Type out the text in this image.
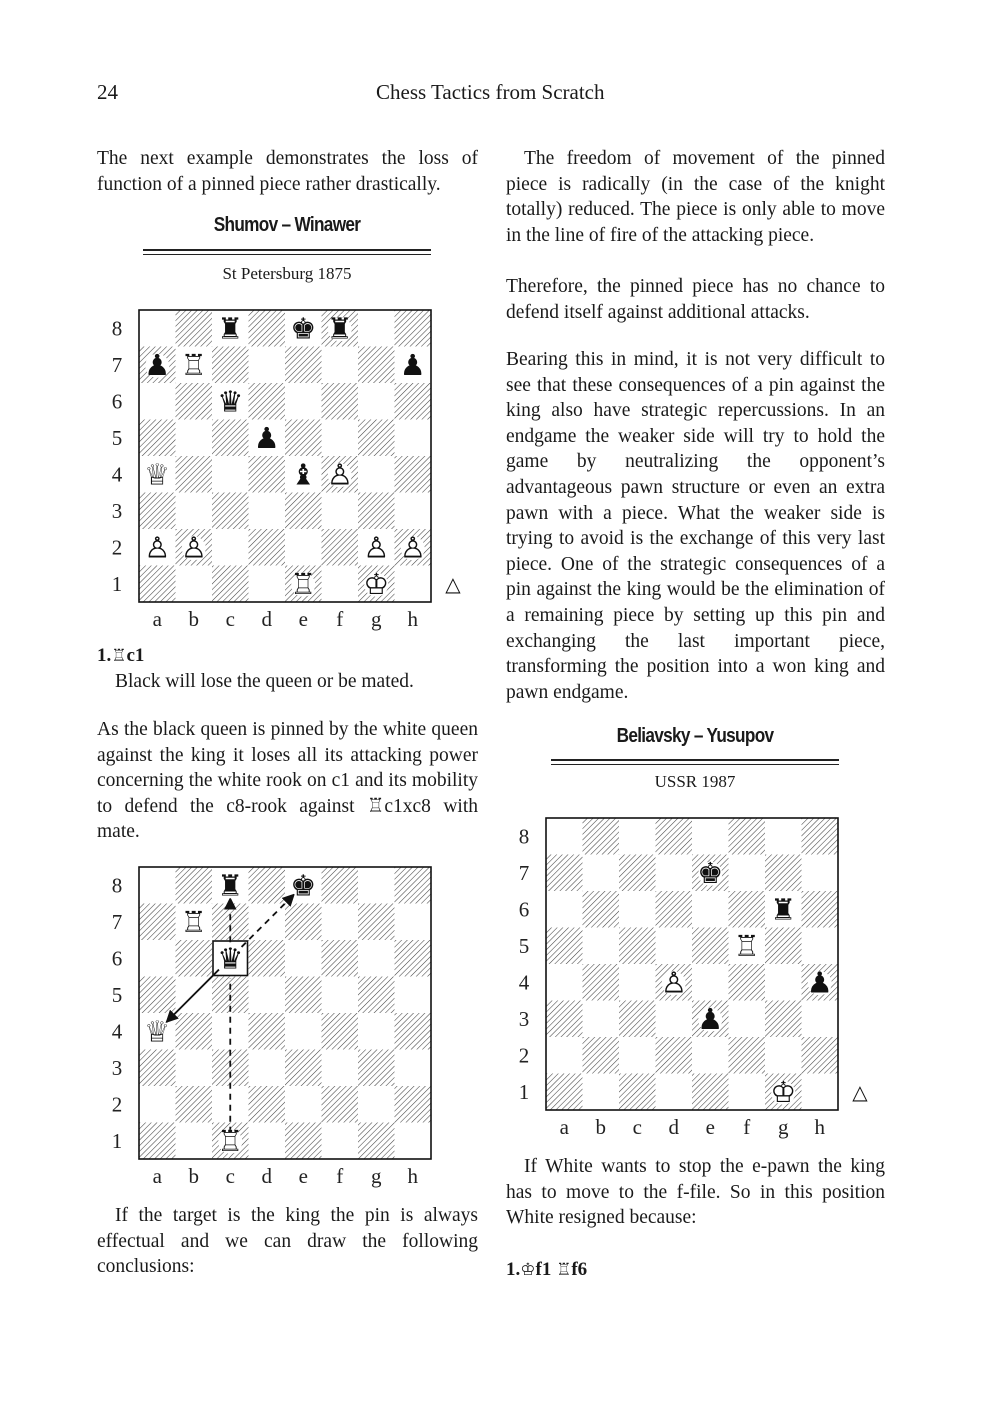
24	Chess Tactics from Scratch

The next example demonstrates the loss of function of a pinned piece rather drastically.

Shumov – Winawer
St Petersburg 1875
8
7
6
5
4
3
2
1
a b c d e f g h
♜ ♚ ♜
♟ ♖	♟
♛
♟
♕	♝ ♙
♙ ♙	♙ ♙
♖ ♔	△
1.♖c1

Black will lose the queen or be mated.

As the black queen is pinned by the white queen against the king it loses all its attacking power concerning the white rook on c1 and its mobility to defend the c8-rook against ♖c1xc8 with mate.

8
7
6
5
4
3
2
1
a b c d e f g h
♜ ♚
♖
♛
♕
♖

If the target is the king the pin is always effectual and we can draw the following conclusions:

The freedom of movement of the pinned piece is radically (in the case of the knight totally) reduced. The piece is only able to move in the line of fire of the attacking piece.

Therefore, the pinned piece has no chance to defend itself against additional attacks.

Bearing this in mind, it is not very difficult to see that these consequences of a pin against the king also have strategic repercussions. In an endgame the weaker side will try to hold the game by neutralizing the opponent’s advantageous pawn structure or even an extra pawn with a piece. What the weaker side is trying to avoid is the exchange of this very last piece. One of the strategic consequences of a pin against the king would be the elimination of a remaining piece by setting up this pin and exchanging the last important piece, transforming the position into a won king and pawn endgame.

Beliavsky – Yusupov
USSR 1987
8
7
6
5
4
3
2
1
a b c d e f g h
♚
♜
♖
♙	♟
♟
♔	△

If White wants to stop the e-pawn the king has to move to the f-file. So in this position White resigned because:

1.♔f1 ♖f6
